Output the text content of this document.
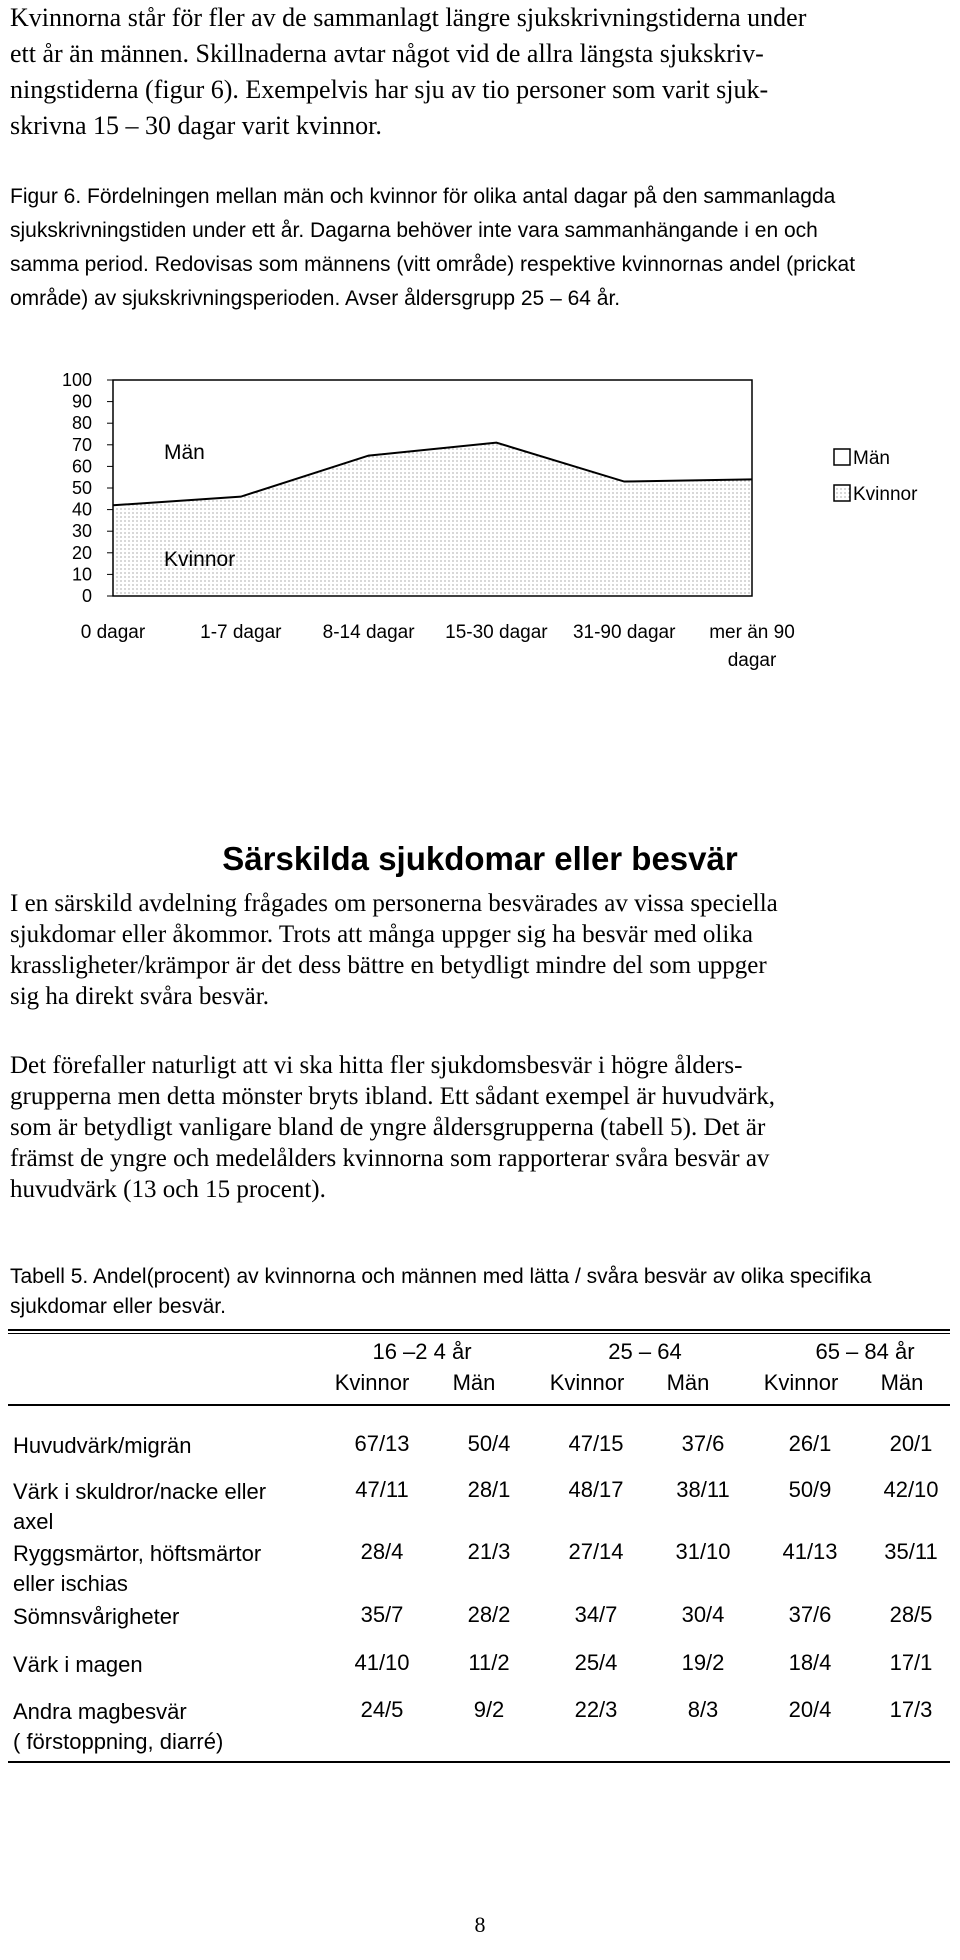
Kvinnorna står för fler av de sammanlagt längre sjukskrivningstiderna under
ett år än männen. Skillnaderna avtar något vid de allra längsta sjukskriv-
ningstiderna (figur 6). Exempelvis har sju av tio personer som varit sjuk-
skrivna 15 – 30 dagar varit kvinnor.
Figur 6. Fördelningen mellan män och kvinnor för olika antal dagar på den sammanlagda
sjukskrivningstiden under ett år. Dagarna behöver inte vara sammanhängande i en och
samma period. Redovisas som männens (vitt område) respektive kvinnornas andel (prickat
område) av sjukskrivningsperioden. Avser åldersgrupp 25 – 64 år.
100
90
80
70
60
50
40
30
20
10
0
0 dagar	1-7 dagar 8-14 dagar 15-30 dagar 31-90 dagar mer än 90
dagar
Män
Kvinnor
Män
Kvinnor
Särskilda sjukdomar eller besvär
I en särskild avdelning frågades om personerna besvärades av vissa speciella
sjukdomar eller åkommor. Trots att många uppger sig ha besvär med olika
krassligheter/krämpor är det dess bättre en betydligt mindre del som uppger
sig ha direkt svåra besvär.
Det förefaller naturligt att vi ska hitta fler sjukdomsbesvär i högre ålders-
grupperna men detta mönster bryts ibland. Ett sådant exempel är huvudvärk,
som är betydligt vanligare bland de yngre åldersgrupperna (tabell 5). Det är
främst de yngre och medelålders kvinnorna som rapporterar svåra besvär av
huvudvärk (13 och 15 procent).
Tabell 5. Andel(procent) av kvinnorna och männen med lätta / svåra besvär av olika specifika
sjukdomar eller besvär.
16 –2 4 år	25 – 64	65 – 84 år
Kvinnor	Män	Kvinnor	Män	Kvinnor	Män
Huvudvärk/migrän	67/13	50/4	47/15	37/6	26/1	20/1
Värk i skuldror/nacke eller
axel
47/11	28/1	48/17	38/11	50/9	42/10
Ryggsmärtor, höftsmärtor
eller ischias
28/4	21/3	27/14	31/10	41/13	35/11
Sömnsvårigheter	35/7	28/2	34/7	30/4	37/6	28/5
Värk i magen	41/10	11/2	25/4	19/2	18/4	17/1
Andra magbesvär
( förstoppning, diarré)
24/5	9/2	22/3	8/3	20/4	17/3
8
